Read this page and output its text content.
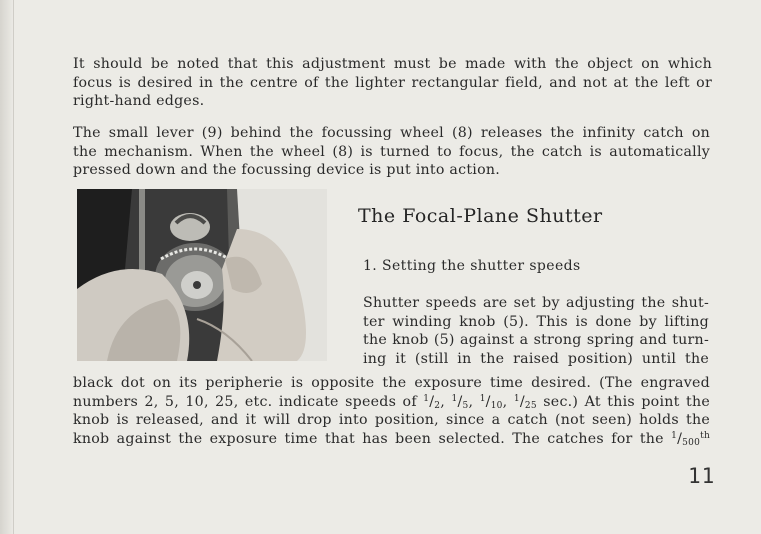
It should be noted that this adjustment must be made with the object on which
focus is desired in the centre of the lighter rectangular field, and not at the left or
right-hand edges.
The small lever (9) behind the focussing wheel (8) releases the infinity catch on
the mechanism. When the wheel (8) is turned to focus, the catch is automatically
pressed down and the focussing device is put into action.
The Focal-Plane Shutter
1. Setting the shutter speeds
Shutter speeds are set by adjusting the shut-
ter winding knob (5). This is done by lifting
the knob (5) against a strong spring and turn-
ing it (still in the raised position) until the
black dot on its peripherie is opposite the exposure time desired. (The engraved
numbers 2, 5, 10, 25, etc. indicate speeds of $^1/_2$, $^1/_5$, $^1/_{10}$, $^1/_{25}$ sec.) At this point the
knob is released, and it will drop into position, since a catch (not seen) holds the
knob against the exposure time that has been selected. The catches for the $^1/_{500}^{th}$
11
